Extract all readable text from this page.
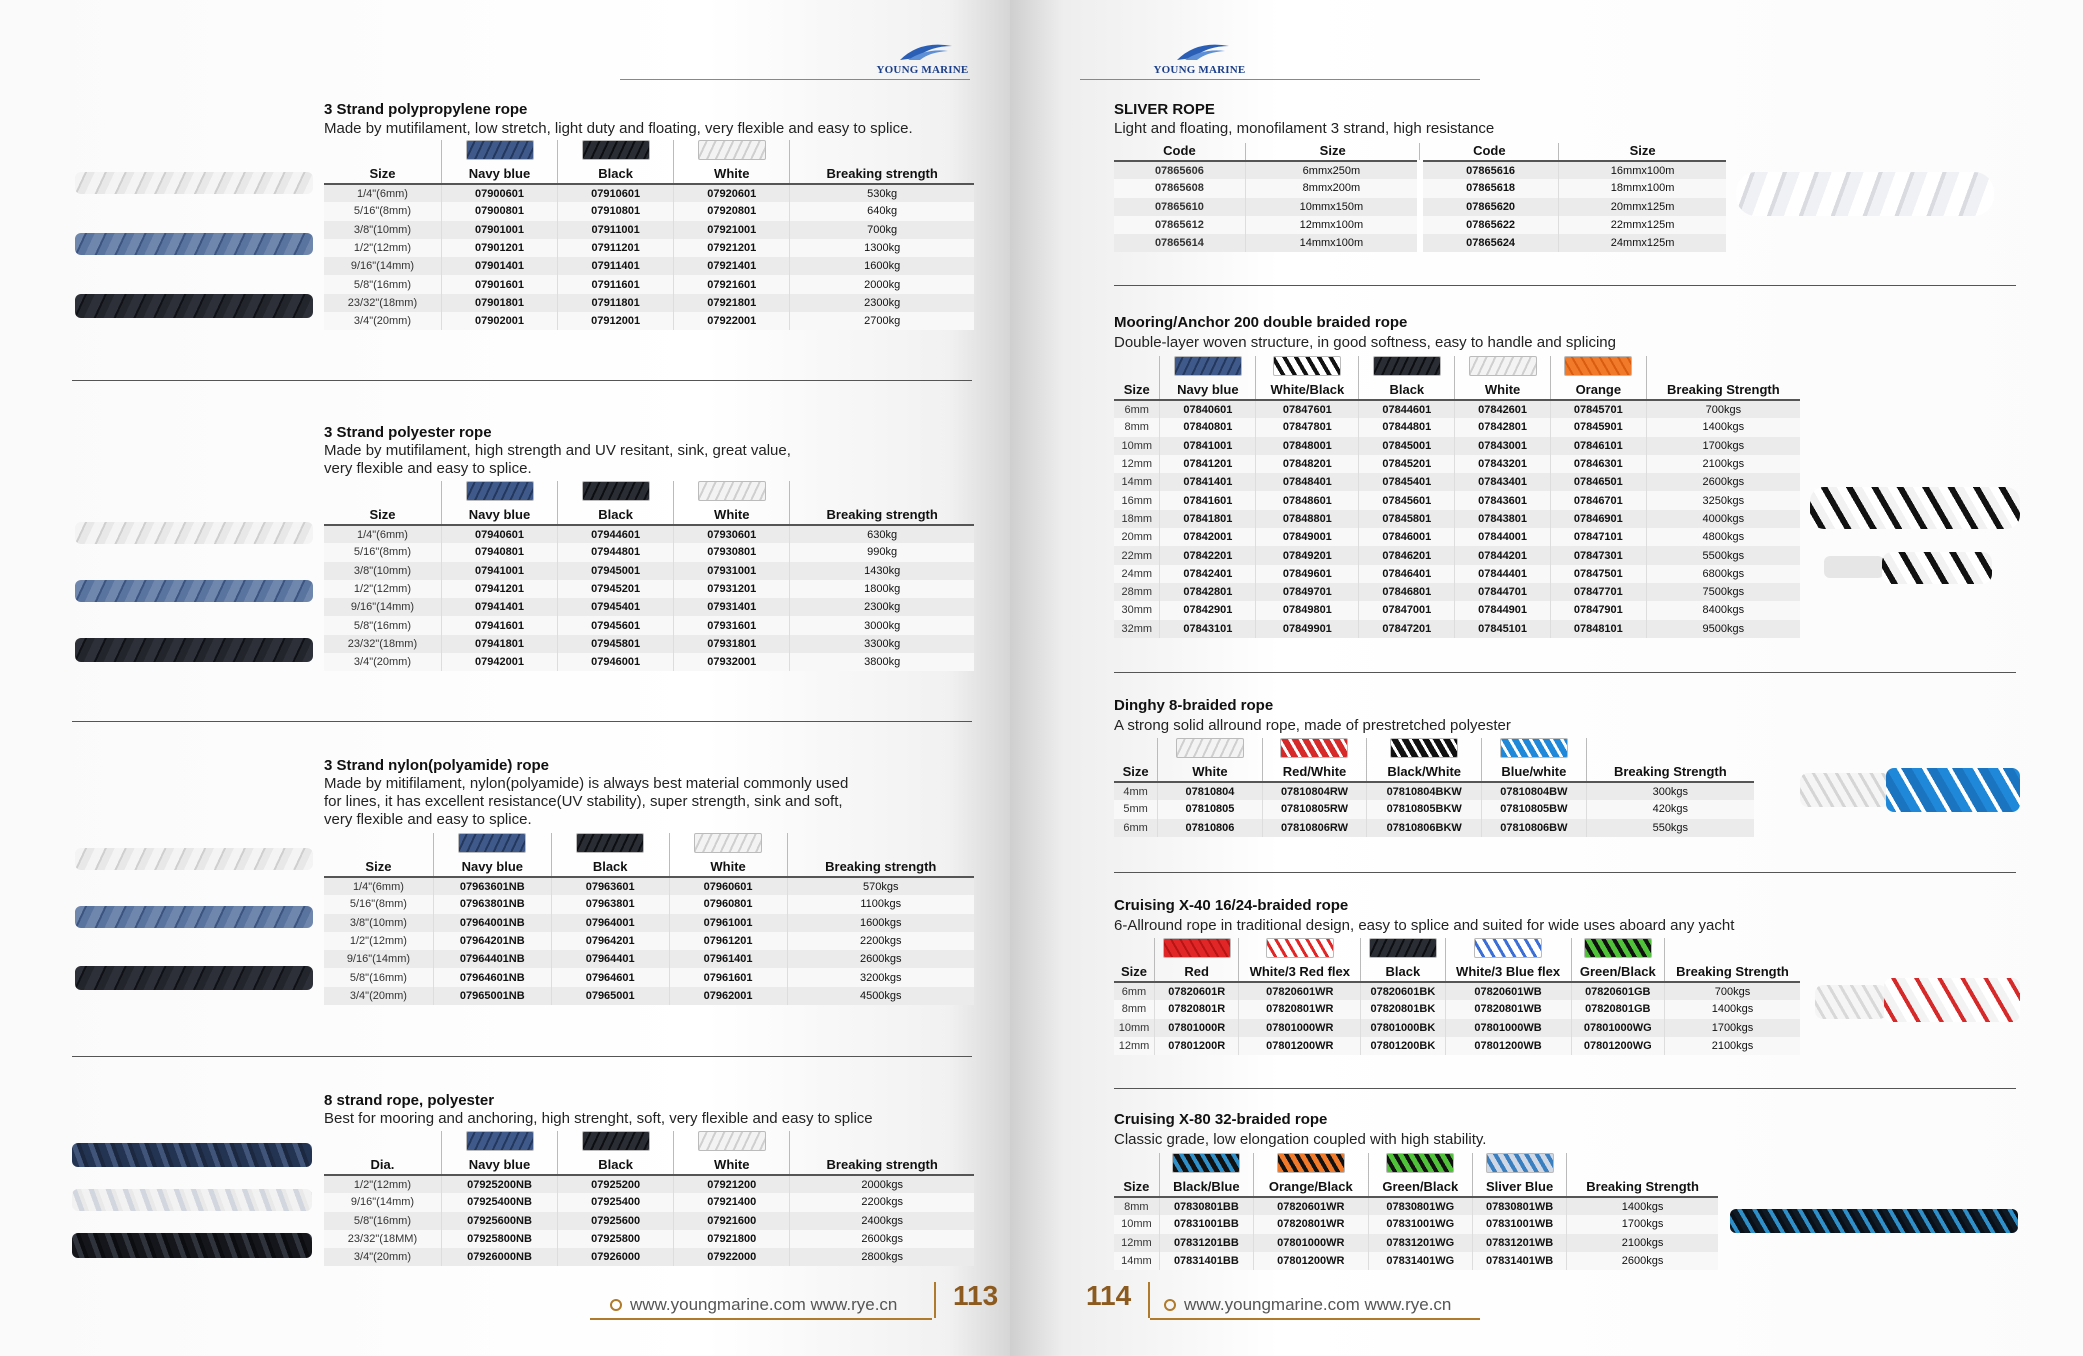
YOUNG MARINE	YOUNG MARINE
3 Strand polypropylene rope
Made by mutifilament, low stretch, light duty and floating, very flexible and easy to splice.
Size	Navy blue	Black	White	Breaking strength
1/4"(6mm)	07900601	07910601	07920601	530kg
5/16"(8mm)	07900801	07910801	07920801	640kg
3/8"(10mm)	07901001	07911001	07921001	700kg
1/2"(12mm)	07901201	07911201	07921201	1300kg
9/16"(14mm)	07901401	07911401	07921401	1600kg
5/8"(16mm)	07901601	07911601	07921601	2000kg
23/32"(18mm)	07901801	07911801	07921801	2300kg
3/4"(20mm)	07902001	07912001	07922001	2700kg
3 Strand polyester rope
Made by mutifilament, high strength and UV resitant, sink, great value,
very flexible and easy to splice.
Size	Navy blue	Black	White	Breaking strength
1/4"(6mm)	07940601	07944601	07930601	630kg
5/16"(8mm)	07940801	07944801	07930801	990kg
3/8"(10mm)	07941001	07945001	07931001	1430kg
1/2"(12mm)	07941201	07945201	07931201	1800kg
9/16"(14mm)	07941401	07945401	07931401	2300kg
5/8"(16mm)	07941601	07945601	07931601	3000kg
23/32"(18mm)	07941801	07945801	07931801	3300kg
3/4"(20mm)	07942001	07946001	07932001	3800kg
3 Strand nylon(polyamide) rope
Made by mitifilament, nylon(polyamide) is always best material commonly used
for lines, it has excellent resistance(UV stability), super strength, sink and soft,
very flexible and easy to splice.
Size	Navy blue	Black	White	Breaking strength
1/4"(6mm)	07963601NB	07963601	07960601	570kgs
5/16"(8mm)	07963801NB	07963801	07960801	1100kgs
3/8"(10mm)	07964001NB	07964001	07961001	1600kgs
1/2"(12mm)	07964201NB	07964201	07961201	2200kgs
9/16"(14mm)	07964401NB	07964401	07961401	2600kgs
5/8"(16mm)	07964601NB	07964601	07961601	3200kgs
3/4"(20mm)	07965001NB	07965001	07962001	4500kgs
8 strand rope, polyester
Best for mooring and anchoring, high strenght, soft, very flexible and easy to splice
Dia.	Navy blue	Black	White	Breaking strength
1/2"(12mm)	07925200NB	07925200	07921200	2000kgs
9/16"(14mm)	07925400NB	07925400	07921400	2200kgs
5/8"(16mm)	07925600NB	07925600	07921600	2400kgs
23/32"(18MM)	07925800NB	07925800	07921800	2600kgs
3/4"(20mm)	07926000NB	07926000	07922000	2800kgs
SLIVER ROPE
Light and floating, monofilament 3 strand, high resistance
Code	Size	Code	Size
07865606	6mmx250m	07865616	16mmx100m
07865608	8mmx200m	07865618	18mmx100m
07865610	10mmx150m	07865620	20mmx125m
07865612	12mmx100m	07865622	22mmx125m
07865614	14mmx100m	07865624	24mmx125m
Mooring/Anchor 200 double braided rope
Double-layer woven structure, in good softness, easy to handle and splicing
Size	Navy blue	White/Black	Black	White	Orange	Breaking Strength
6mm	07840601	07847601	07844601	07842601	07845701	700kgs
8mm	07840801	07847801	07844801	07842801	07845901	1400kgs
10mm	07841001	07848001	07845001	07843001	07846101	1700kgs
12mm	07841201	07848201	07845201	07843201	07846301	2100kgs
14mm	07841401	07848401	07845401	07843401	07846501	2600kgs
16mm	07841601	07848601	07845601	07843601	07846701	3250kgs
18mm	07841801	07848801	07845801	07843801	07846901	4000kgs
20mm	07842001	07849001	07846001	07844001	07847101	4800kgs
22mm	07842201	07849201	07846201	07844201	07847301	5500kgs
24mm	07842401	07849601	07846401	07844401	07847501	6800kgs
28mm	07842801	07849701	07846801	07844701	07847701	7500kgs
30mm	07842901	07849801	07847001	07844901	07847901	8400kgs
32mm	07843101	07849901	07847201	07845101	07848101	9500kgs
Dinghy 8-braided rope
A strong solid allround rope, made of prestretched polyester
Size	White	Red/White	Black/White	Blue/white	Breaking Strength
4mm	07810804	07810804RW	07810804BKW	07810804BW	300kgs
5mm	07810805	07810805RW	07810805BKW	07810805BW	420kgs
6mm	07810806	07810806RW	07810806BKW	07810806BW	550kgs
Cruising X-40 16/24-braided rope
6-Allround rope in traditional design, easy to splice and suited for wide uses aboard any yacht
Size	Red	White/3 Red flex	Black	White/3 Blue flex	Green/Black	Breaking Strength
6mm	07820601R	07820601WR	07820601BK	07820601WB	07820601GB	700kgs
8mm	07820801R	07820801WR	07820801BK	07820801WB	07820801GB	1400kgs
10mm	07801000R	07801000WR	07801000BK	07801000WB	07801000WG	1700kgs
12mm	07801200R	07801200WR	07801200BK	07801200WB	07801200WG	2100kgs
Cruising X-80 32-braided rope
Classic grade, low elongation coupled with high stability.
Size	Black/Blue	Orange/Black	Green/Black	Sliver Blue	Breaking Strength
8mm	07830801BB	07820601WR	07830801WG	07830801WB	1400kgs
10mm	07831001BB	07820801WR	07831001WG	07831001WB	1700kgs
12mm	07831201BB	07801000WR	07831201WG	07831201WB	2100kgs
14mm	07831401BB	07801200WR	07831401WG	07831401WB	2600kgs
www.youngmarine.com www.rye.cn 113	114	www.youngmarine.com www.rye.cn
